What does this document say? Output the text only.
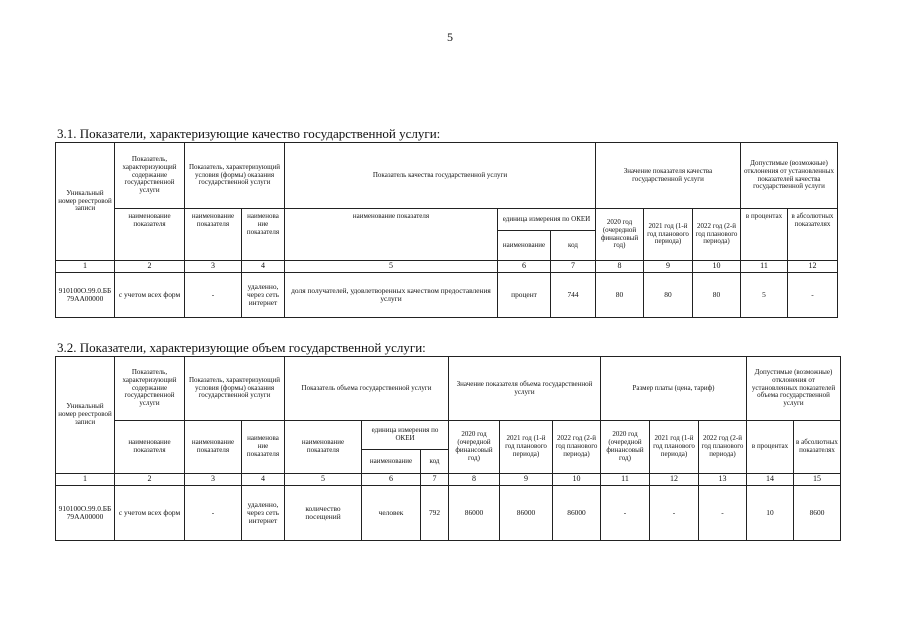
5
3.1. Показатели, характеризующие качество государственной услуги:
Уникальный номер реестровой записи	Показатель, характеризующий содержание государственной услуги	Показатель, характеризующий условия (формы) оказания государственной услуги		Показатель качества государственной услуги			Значение показателя качества государственной услуги			Допустимые (возможные) отклонения от установленных показателей качества государственной услуги	
	наименование показателя	наименование показателя	наименова ние показателя	наименование показателя	единица измерения по ОКЕИ		2020 год (очередной финансовый год)	2021 год (1-й год планового периода)	2022 год (2-й год планового периода)	в процентах	в абсолютных показателях
					наименование	код					
1	2	3	4	5	6	7	8	9	10	11	12
910100О.99.0.ББ 79АА00000	с учетом всех форм	-	удаленно, через сеть интернет	доля получателей, удовлетворенных качеством предоставления услуги	процент	744	80	80	80	5	-
3.2. Показатели, характеризующие объем государственной услуги:
Уникальный номер реестровой записи	Показатель, характеризующий содержание государственной услуги	Показатель, характеризующий условия (формы) оказания государственной услуги		Показатель объема государственной услуги			Значение показателя объема государственной услуги			Размер платы (цена, тариф)			Допустимые (возможные) отклонения от установленных показателей объема государственной услуги	
	наименование показателя	наименование показателя	наименова ние показателя	наименование показателя	единица измерения по ОКЕИ		2020 год (очередной финансовый год)	2021 год (1-й год планового периода)	2022 год (2-й год планового периода)	2020 год (очередной финансовый год)	2021 год (1-й год планового периода)	2022 год (2-й год планового периода)	в процентах	в абсолютных показателях
					наименование	код								
1	2	3	4	5	6	7	8	9	10	11	12	13	14	15
910100О.99.0.ББ 79АА00000	с учетом всех форм	-	удаленно, через сеть интернет	количество посещений	человек	792	86000	86000	86000	-	-	-	10	8600
